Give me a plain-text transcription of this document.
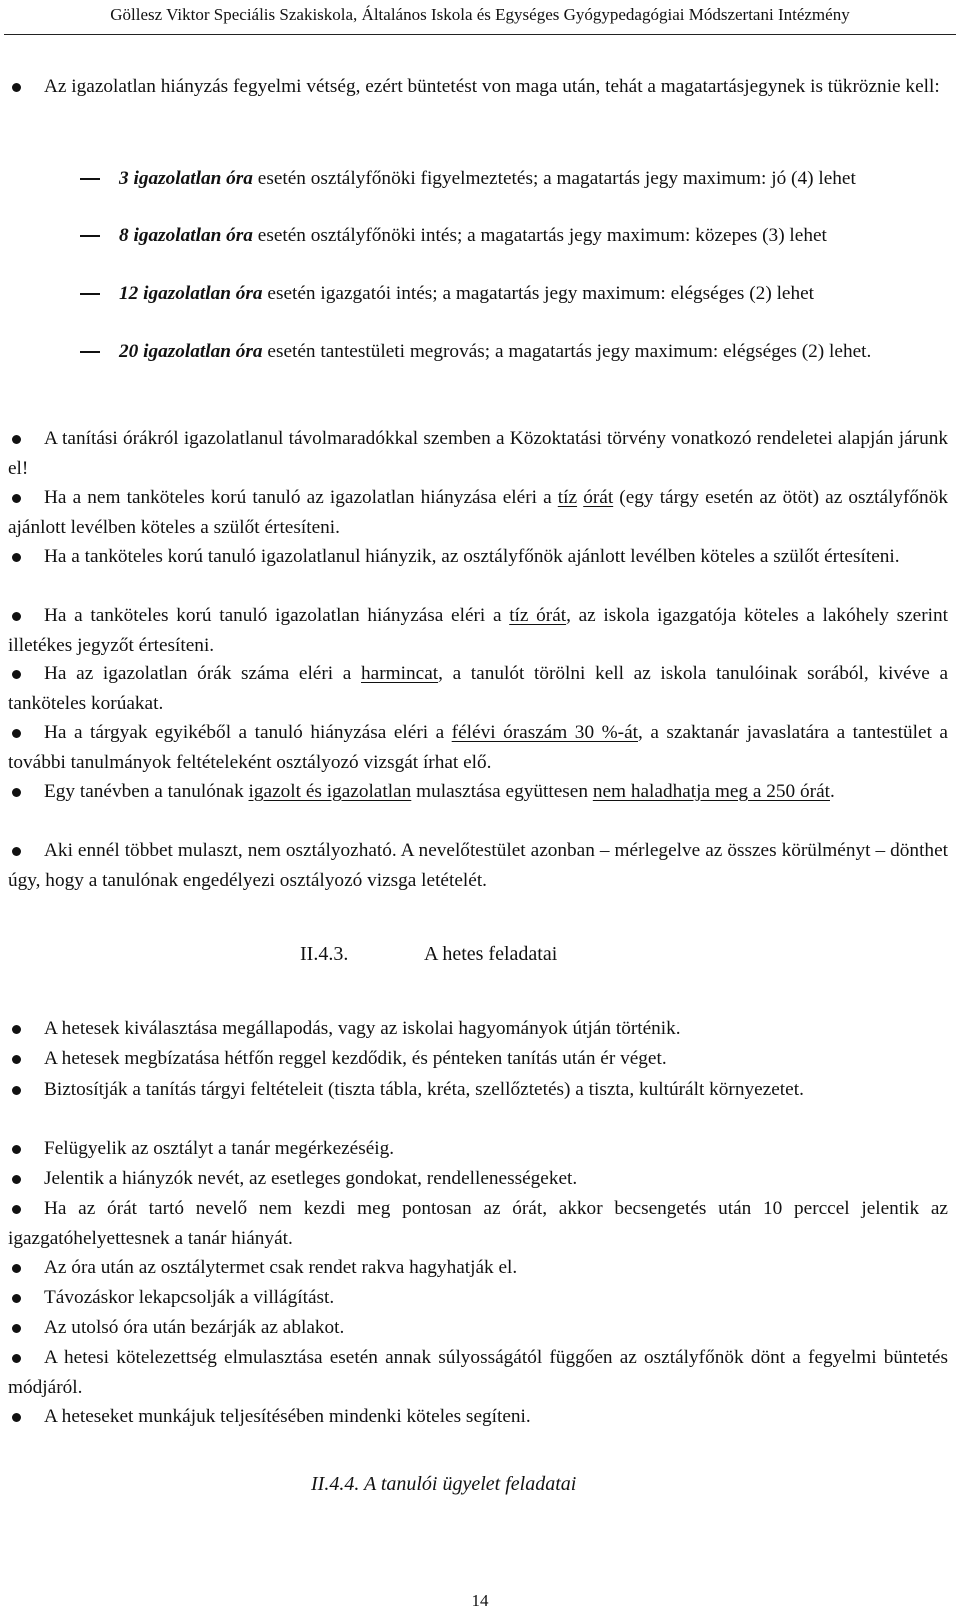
Göllesz Viktor Speciális Szakiskola, Általános Iskola és Egységes Gyógypedagógiai Módszertani Intézmény
Az igazolatlan hiányzás fegyelmi vétség, ezért büntetést von maga után, tehát a magatartásjegynek is tükröznie kell:
3 igazolatlan óra esetén osztályfőnöki figyelmeztetés; a magatartás jegy maximum: jó (4) lehet
8 igazolatlan óra esetén osztályfőnöki intés; a magatartás jegy maximum: közepes (3) lehet
12 igazolatlan óra esetén igazgatói intés; a magatartás jegy maximum: elégséges (2) lehet
20 igazolatlan óra esetén tantestületi megrovás; a magatartás jegy maximum: elégséges (2) lehet.
A tanítási órákról igazolatlanul távolmaradókkal szemben a Közoktatási törvény vonatkozó rendeletei alapján járunk el!
Ha a nem tanköteles korú tanuló az igazolatlan hiányzása eléri a tíz órát (egy tárgy esetén az ötöt) az osztályfőnök ajánlott levélben köteles a szülőt értesíteni.
Ha a tanköteles korú tanuló igazolatlanul hiányzik, az osztályfőnök ajánlott levélben köteles a szülőt értesíteni.
Ha a tanköteles korú tanuló igazolatlan hiányzása eléri a tíz órát, az iskola igazgatója köteles a lakóhely szerint illetékes jegyzőt értesíteni.
Ha az igazolatlan órák száma eléri a harmincat, a tanulót törölni kell az iskola tanulóinak sorából, kivéve a tanköteles korúakat.
Ha a tárgyak egyikéből a tanuló hiányzása eléri a félévi óraszám 30 %-át, a szaktanár javaslatára a tantestület a további tanulmányok feltételeként osztályozó vizsgát írhat elő.
Egy tanévben a tanulónak igazolt és igazolatlan mulasztása együttesen nem haladhatja meg a 250 órát.
Aki ennél többet mulaszt, nem osztályozható. A nevelőtestület azonban – mérlegelve az összes körülményt – dönthet úgy, hogy a tanulónak engedélyezi osztályozó vizsga letételét.
II.4.3.	A hetes feladatai
A hetesek kiválasztása megállapodás, vagy az iskolai hagyományok útján történik.
A hetesek megbízatása hétfőn reggel kezdődik, és pénteken tanítás után ér véget.
Biztosítják a tanítás tárgyi feltételeit (tiszta tábla, kréta, szellőztetés) a tiszta, kultúrált környezetet.
Felügyelik az osztályt a tanár megérkezéséig.
Jelentik a hiányzók nevét, az esetleges gondokat, rendellenességeket.
Ha az órát tartó nevelő nem kezdi meg pontosan az órát, akkor becsengetés után 10 perccel jelentik az igazgatóhelyettesnek a tanár hiányát.
Az óra után az osztálytermet csak rendet rakva hagyhatják el.
Távozáskor lekapcsolják a villágítást.
Az utolsó óra után bezárják az ablakot.
A hetesi kötelezettség elmulasztása esetén annak súlyosságától függően az osztályfőnök dönt a fegyelmi büntetés módjáról.
A heteseket munkájuk teljesítésében mindenki köteles segíteni.
II.4.4. A tanulói ügyelet feladatai
14
